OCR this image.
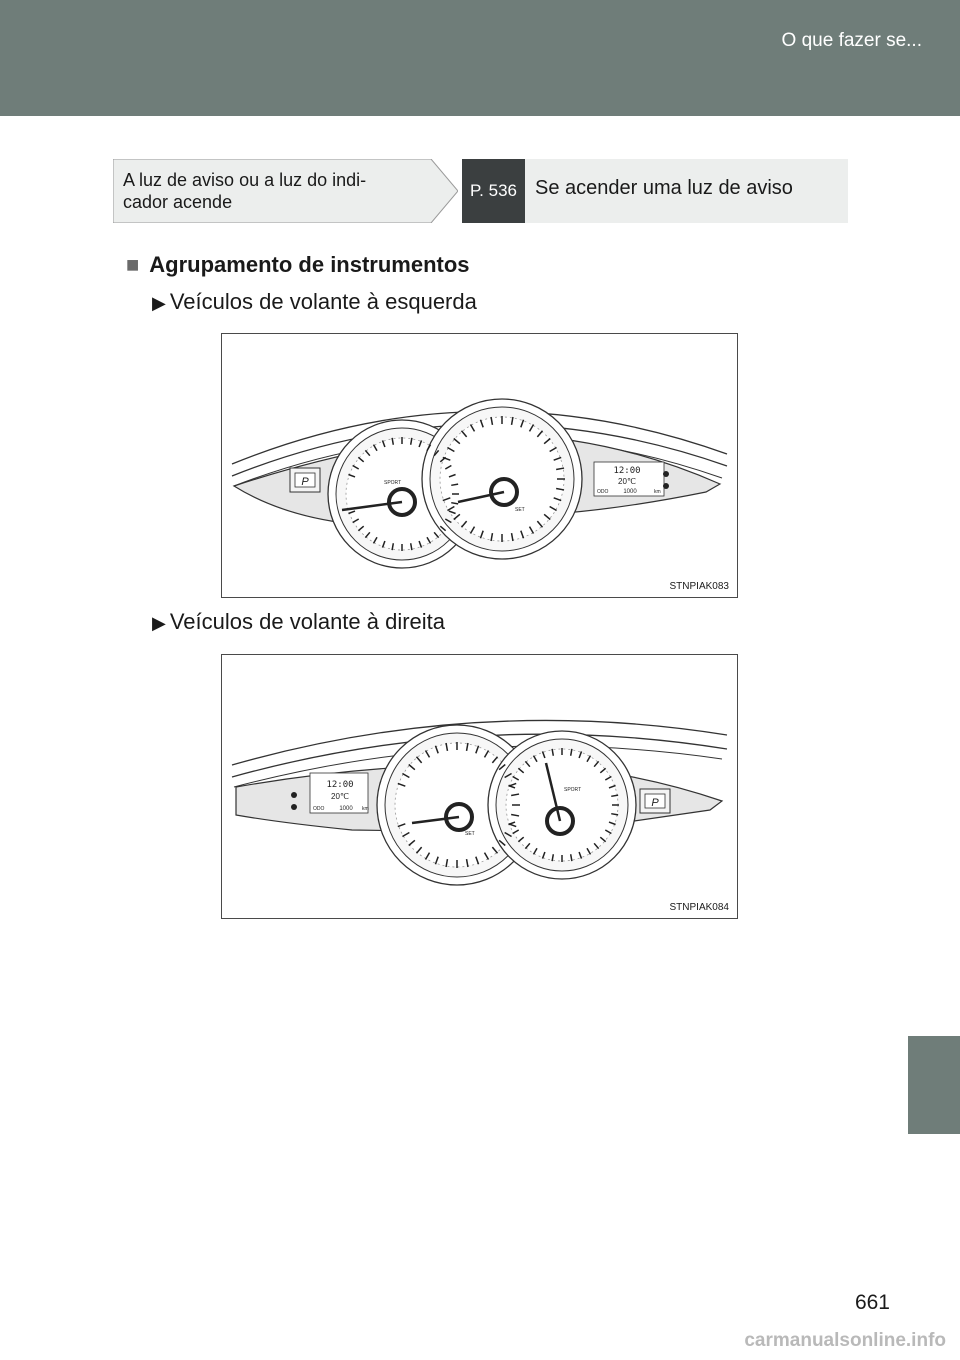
O que fazer se...
A luz de aviso ou a luz do indi-
cador acende
P. 536 Se acender uma luz de aviso
■ Agrupamento de instrumentos
▶ Veículos de volante à esquerda
P	SPORT
SET
12:00
20℃
ODO 1000	km
STNPIAK083
▶ Veículos de volante à direita
12:00
20℃
ODO 1000 km
SET
SPORT
P
STNPIAK084
661
carmanualsonline.info
